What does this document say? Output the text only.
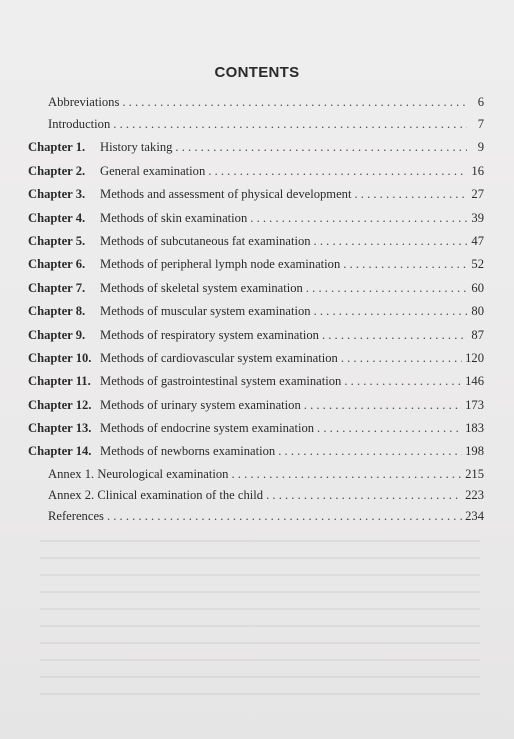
CONTENTS
Abbreviations . . .	6
Introduction . . .	7
Chapter 1.	History taking . . .	9
Chapter 2.	General examination . . .	16
Chapter 3.	Methods and assessment of physical development . . .	27
Chapter 4.	Methods of skin examination . . .	39
Chapter 5.	Methods of subcutaneous fat examination . . .	47
Chapter 6.	Methods of peripheral lymph node examination . . .	52
Chapter 7.	Methods of skeletal system examination . . .	60
Chapter 8.	Methods of muscular system examination . . .	80
Chapter 9.	Methods of respiratory system examination . . .	87
Chapter 10. Methods of cardiovascular system examination . . .	120
Chapter 11. Methods of gastrointestinal system examination . . .	146
Chapter 12. Methods of urinary system examination . . .	173
Chapter 13. Methods of endocrine system examination . . .	183
Chapter 14. Methods of newborns examination . . .	198
Annex 1. Neurological examination . . .	215
Annex 2. Clinical examination of the child . . .	223
References . . .	234
